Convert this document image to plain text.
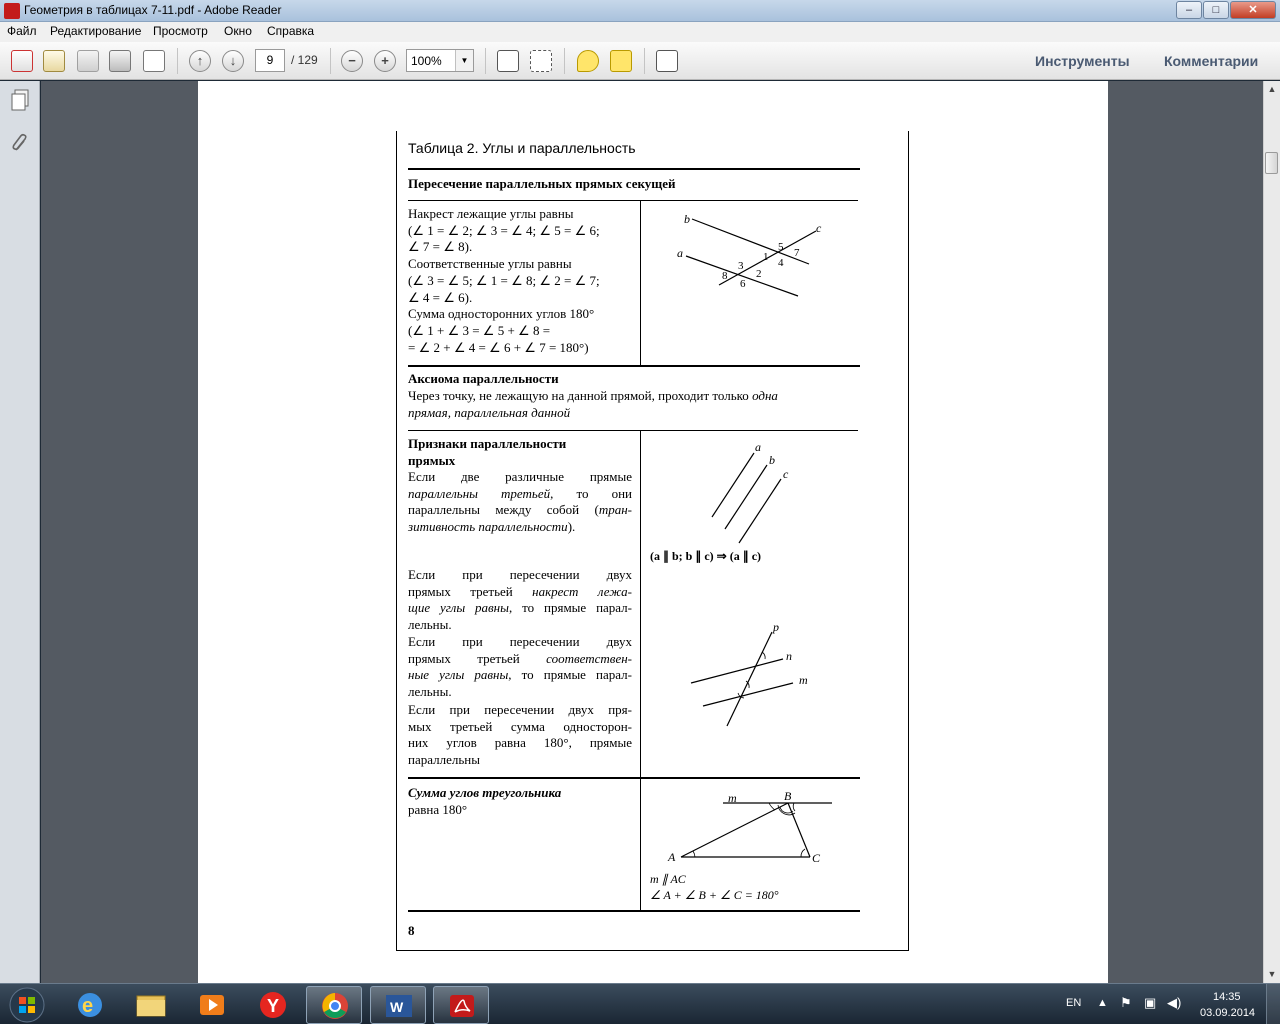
Геометрия в таблицах 7-11.pdf - Adobe Reader	–	□	✕
Файл Редактирование Просмотр Окно Справка
↑	↓	−	+
9	/ 129	100%	▼	Инструменты Комментарии
▲
▼
Таблица 2. Углы и параллельность
Пересечение параллельных прямых секущей
Накрест лежащие углы равны
(∠ 1 = ∠ 2; ∠ 3 = ∠ 4; ∠ 5 = ∠ 6;
∠ 7 = ∠ 8).
Соответственные углы равны
(∠ 3 = ∠ 5; ∠ 1 = ∠ 8; ∠ 2 = ∠ 7;
∠ 4 = ∠ 6).
Сумма односторонних углов 180°
(∠ 1 + ∠ 3 = ∠ 5 + ∠ 8 =
= ∠ 2 + ∠ 4 = ∠ 6 + ∠ 7 = 180°)
b
c
a	1
2
3	4
5
6
7
8
Аксиома параллельности
Через точку, не лежащую на данной прямой, проходит только одна
прямая, параллельная данной
Признаки параллельности
прямых
Если две различные прямые
параллельны третьей, то они
параллельны между собой (тран-
зитивность параллельности).
a
b
c
(a ∥ b; b ∥ c) ⇒ (a ∥ c)
Если при пересечении двух
прямых третьей накрест лежа-
щие углы равны, то прямые парал-
лельны.
Если при пересечении двух
прямых третьей соответствен-
ные углы равны, то прямые парал-
лельны.
Если при пересечении двух пря-
мых третьей сумма односторон-
них углов равна 180°, прямые
параллельны
p
n
m
Сумма углов треугольника
равна 180°
m	B
A	C
m ∥ AC
∠ A + ∠ B + ∠ C = 180°
8
e	Y	W	EN ▲ ⚑ ▣ ◀)	14:35
03.09.2014
